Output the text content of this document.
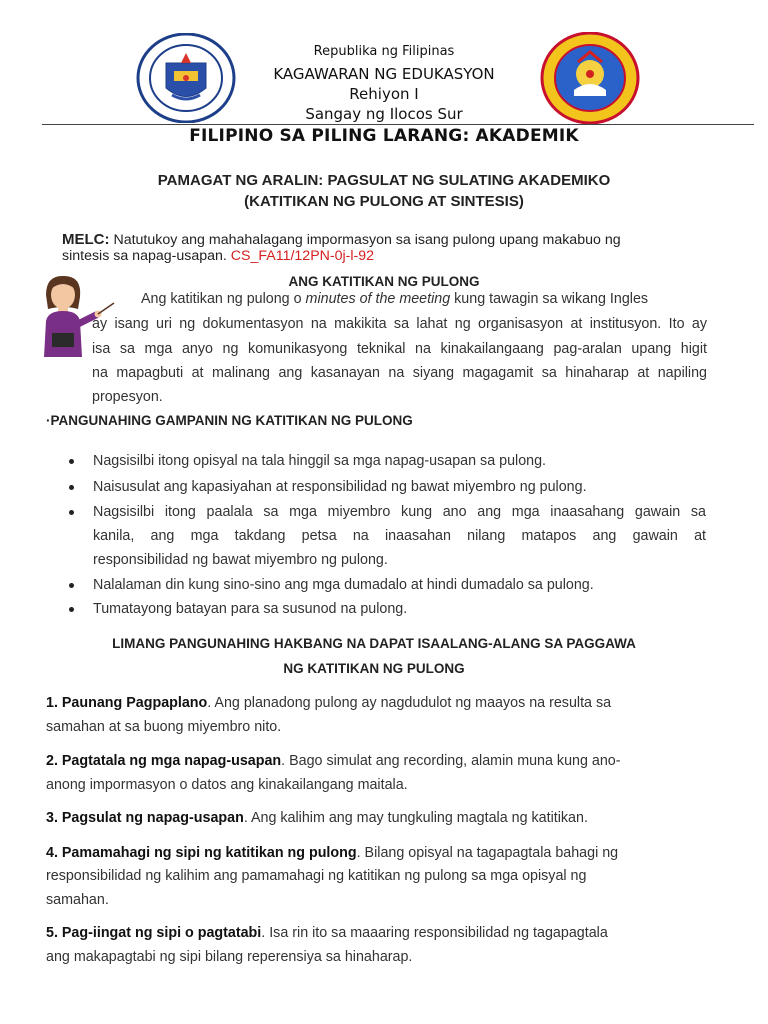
Republika ng Filipinas
KAGAWARAN NG EDUKASYON
Rehiyon I
Sangay ng Ilocos Sur
FILIPINO SA PILING LARANG: AKADEMIK
PAMAGAT NG ARALIN: PAGSULAT NG SULATING AKADEMIKO
(KATITIKAN NG PULONG AT SINTESIS)
MELC: Natutukoy ang mahahalagang impormasyon sa isang pulong upang makabuo ng
sintesis sa napag-usapan. CS_FA11/12PN-0j-l-92
ANG KATITIKAN NG PULONG
Ang katitikan ng pulong o minutes of the meeting kung tawagin sa wikang Ingles
ay isang uri ng dokumentasyon na makikita sa lahat ng organisasyon at institusyon. Ito ay
isa sa mga anyo ng komunikasyong teknikal na kinakailangaang pag-aralan upang higit
na mapagbuti at malinang ang kasanayan na siyang magagamit sa hinaharap at napiling
propesyon.
·PANGUNAHING GAMPANIN NG KATITIKAN NG PULONG
Nagsisilbi itong opisyal na tala hinggil sa mga napag-usapan sa pulong.
Naisusulat ang kapasiyahan at responsibilidad ng bawat miyembro ng pulong.
Nagsisilbi itong paalala sa mga miyembro kung ano ang mga inaasahang gawain sa
kanila, ang mga takdang petsa na inaasahan nilang matapos ang gawain at
responsibilidad ng bawat miyembro ng pulong.
Nalalaman din kung sino-sino ang mga dumadalo at hindi dumadalo sa pulong.
Tumatayong batayan para sa susunod na pulong.
LIMANG PANGUNAHING HAKBANG NA DAPAT ISAALANG-ALANG SA PAGGAWA
NG KATITIKAN NG PULONG
1. Paunang Pagpaplano. Ang planadong pulong ay nagdudulot ng maayos na resulta sa
samahan at sa buong miyembro nito.
2. Pagtatala ng mga napag-usapan. Bago simulat ang recording, alamin muna kung ano-
anong impormasyon o datos ang kinakailangang maitala.
3. Pagsulat ng napag-usapan. Ang kalihim ang may tungkuling magtala ng katitikan.
4. Pamamahagi ng sipi ng katitikan ng pulong. Bilang opisyal na tagapagtala bahagi ng
responsibilidad ng kalihim ang pamamahagi ng katitikan ng pulong sa mga opisyal ng
samahan.
5. Pag-iingat ng sipi o pagtatabi. Isa rin ito sa maaaring responsibilidad ng tagapagtala
ang makapagtabi ng sipi bilang reperensiya sa hinaharap.
